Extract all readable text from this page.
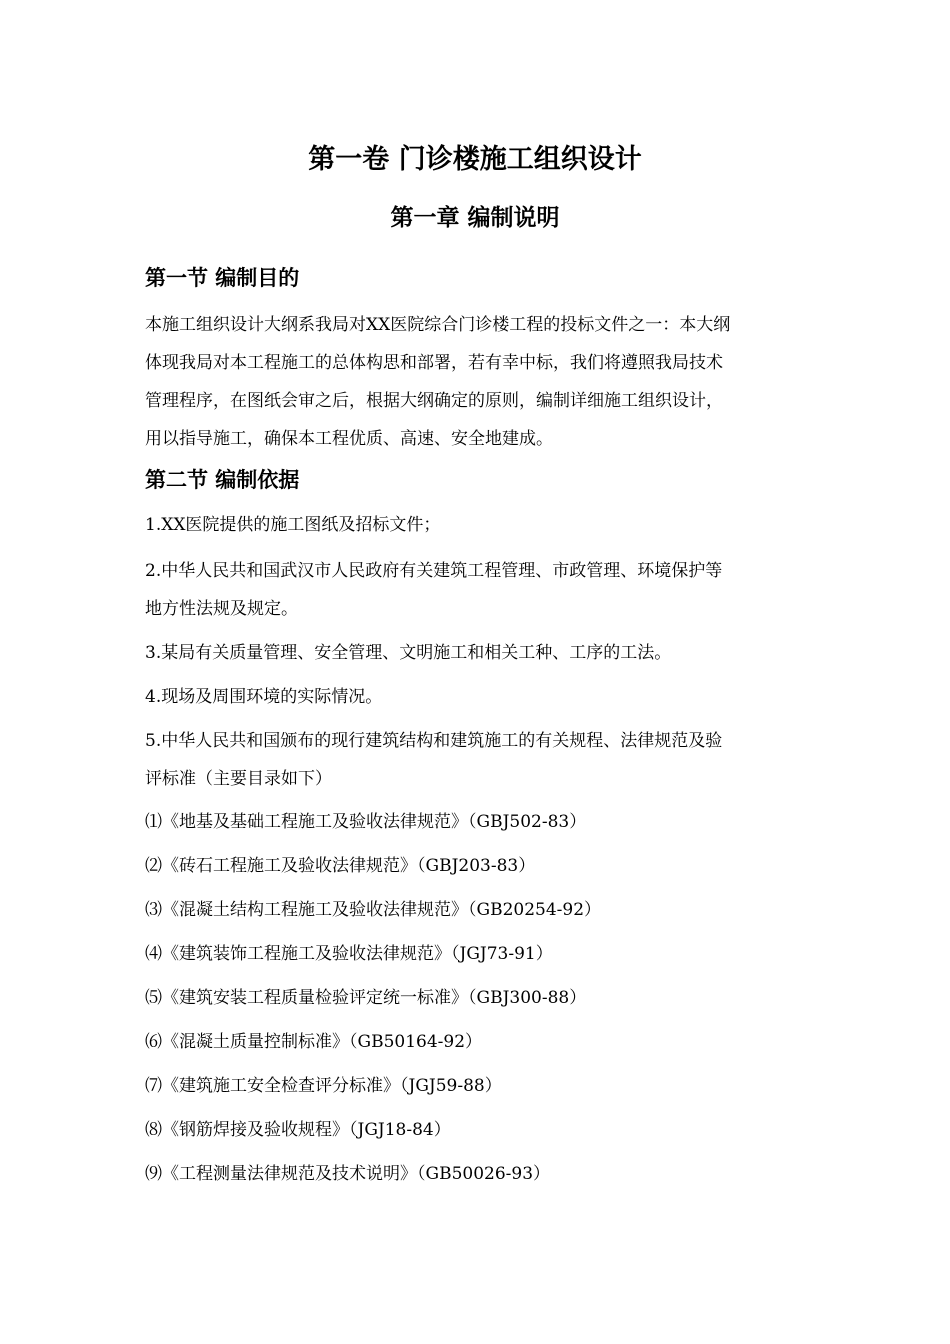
第一卷 门诊楼施工组织设计
第一章 编制说明
第一节 编制目的
本施工组织设计大纲系我局对XX医院综合门诊楼工程的投标文件之一：本大纲
体现我局对本工程施工的总体构思和部署，若有幸中标，我们将遵照我局技术
管理程序，在图纸会审之后，根据大纲确定的原则，编制详细施工组织设计，
用以指导施工，确保本工程优质、高速、安全地建成。
第二节 编制依据
1.XX医院提供的施工图纸及招标文件；
2.中华人民共和国武汉市人民政府有关建筑工程管理、市政管理、环境保护等
地方性法规及规定。
3.某局有关质量管理、安全管理、文明施工和相关工种、工序的工法。
4.现场及周围环境的实际情况。
5.中华人民共和国颁布的现行建筑结构和建筑施工的有关规程、法律规范及验
评标准（主要目录如下）
⑴《地基及基础工程施工及验收法律规范》（GBJ502-83）
⑵《砖石工程施工及验收法律规范》（GBJ203-83）
⑶《混凝土结构工程施工及验收法律规范》（GB20254-92）
⑷《建筑装饰工程施工及验收法律规范》（JGJ73-91）
⑸《建筑安装工程质量检验评定统一标准》（GBJ300-88）
⑹《混凝土质量控制标准》（GB50164-92）
⑺《建筑施工安全检查评分标准》（JGJ59-88）
⑻《钢筋焊接及验收规程》（JGJ18-84）
⑼《工程测量法律规范及技术说明》（GB50026-93）
